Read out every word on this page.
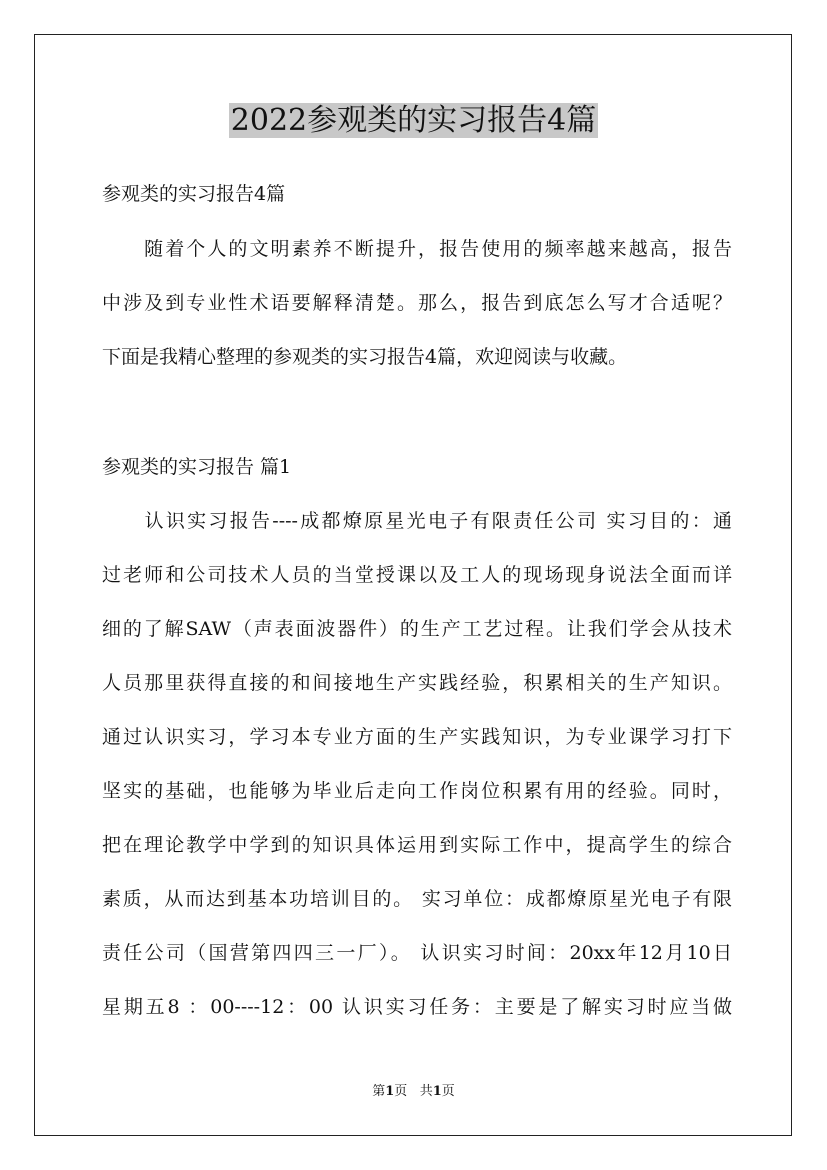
2022参观类的实习报告4篇

参观类的实习报告4篇

　　随着个人的文明素养不断提升，报告使用的频率越来越高，报告

中涉及到专业性术语要解释清楚。那么，报告到底怎么写才合适呢？

下面是我精心整理的参观类的实习报告4篇，欢迎阅读与收藏。

参观类的实习报告 篇1

　　认识实习报告----成都燎原星光电子有限责任公司 实习目的：通

过老师和公司技术人员的当堂授课以及工人的现场现身说法全面而详

细的了解SAW（声表面波器件）的生产工艺过程。让我们学会从技术

人员那里获得直接的和间接地生产实践经验，积累相关的生产知识。

通过认识实习，学习本专业方面的生产实践知识，为专业课学习打下

坚实的基础，也能够为毕业后走向工作岗位积累有用的经验。同时，

把在理论教学中学到的知识具体运用到实际工作中，提高学生的综合

素质，从而达到基本功培训目的。 实习单位：成都燎原星光电子有限

责任公司（国营第四四三一厂）。 认识实习时间：20xx年12月10日

星期五8 ：00----12：00 认识实习任务：主要是了解实习时应当做

第1页 共1页
